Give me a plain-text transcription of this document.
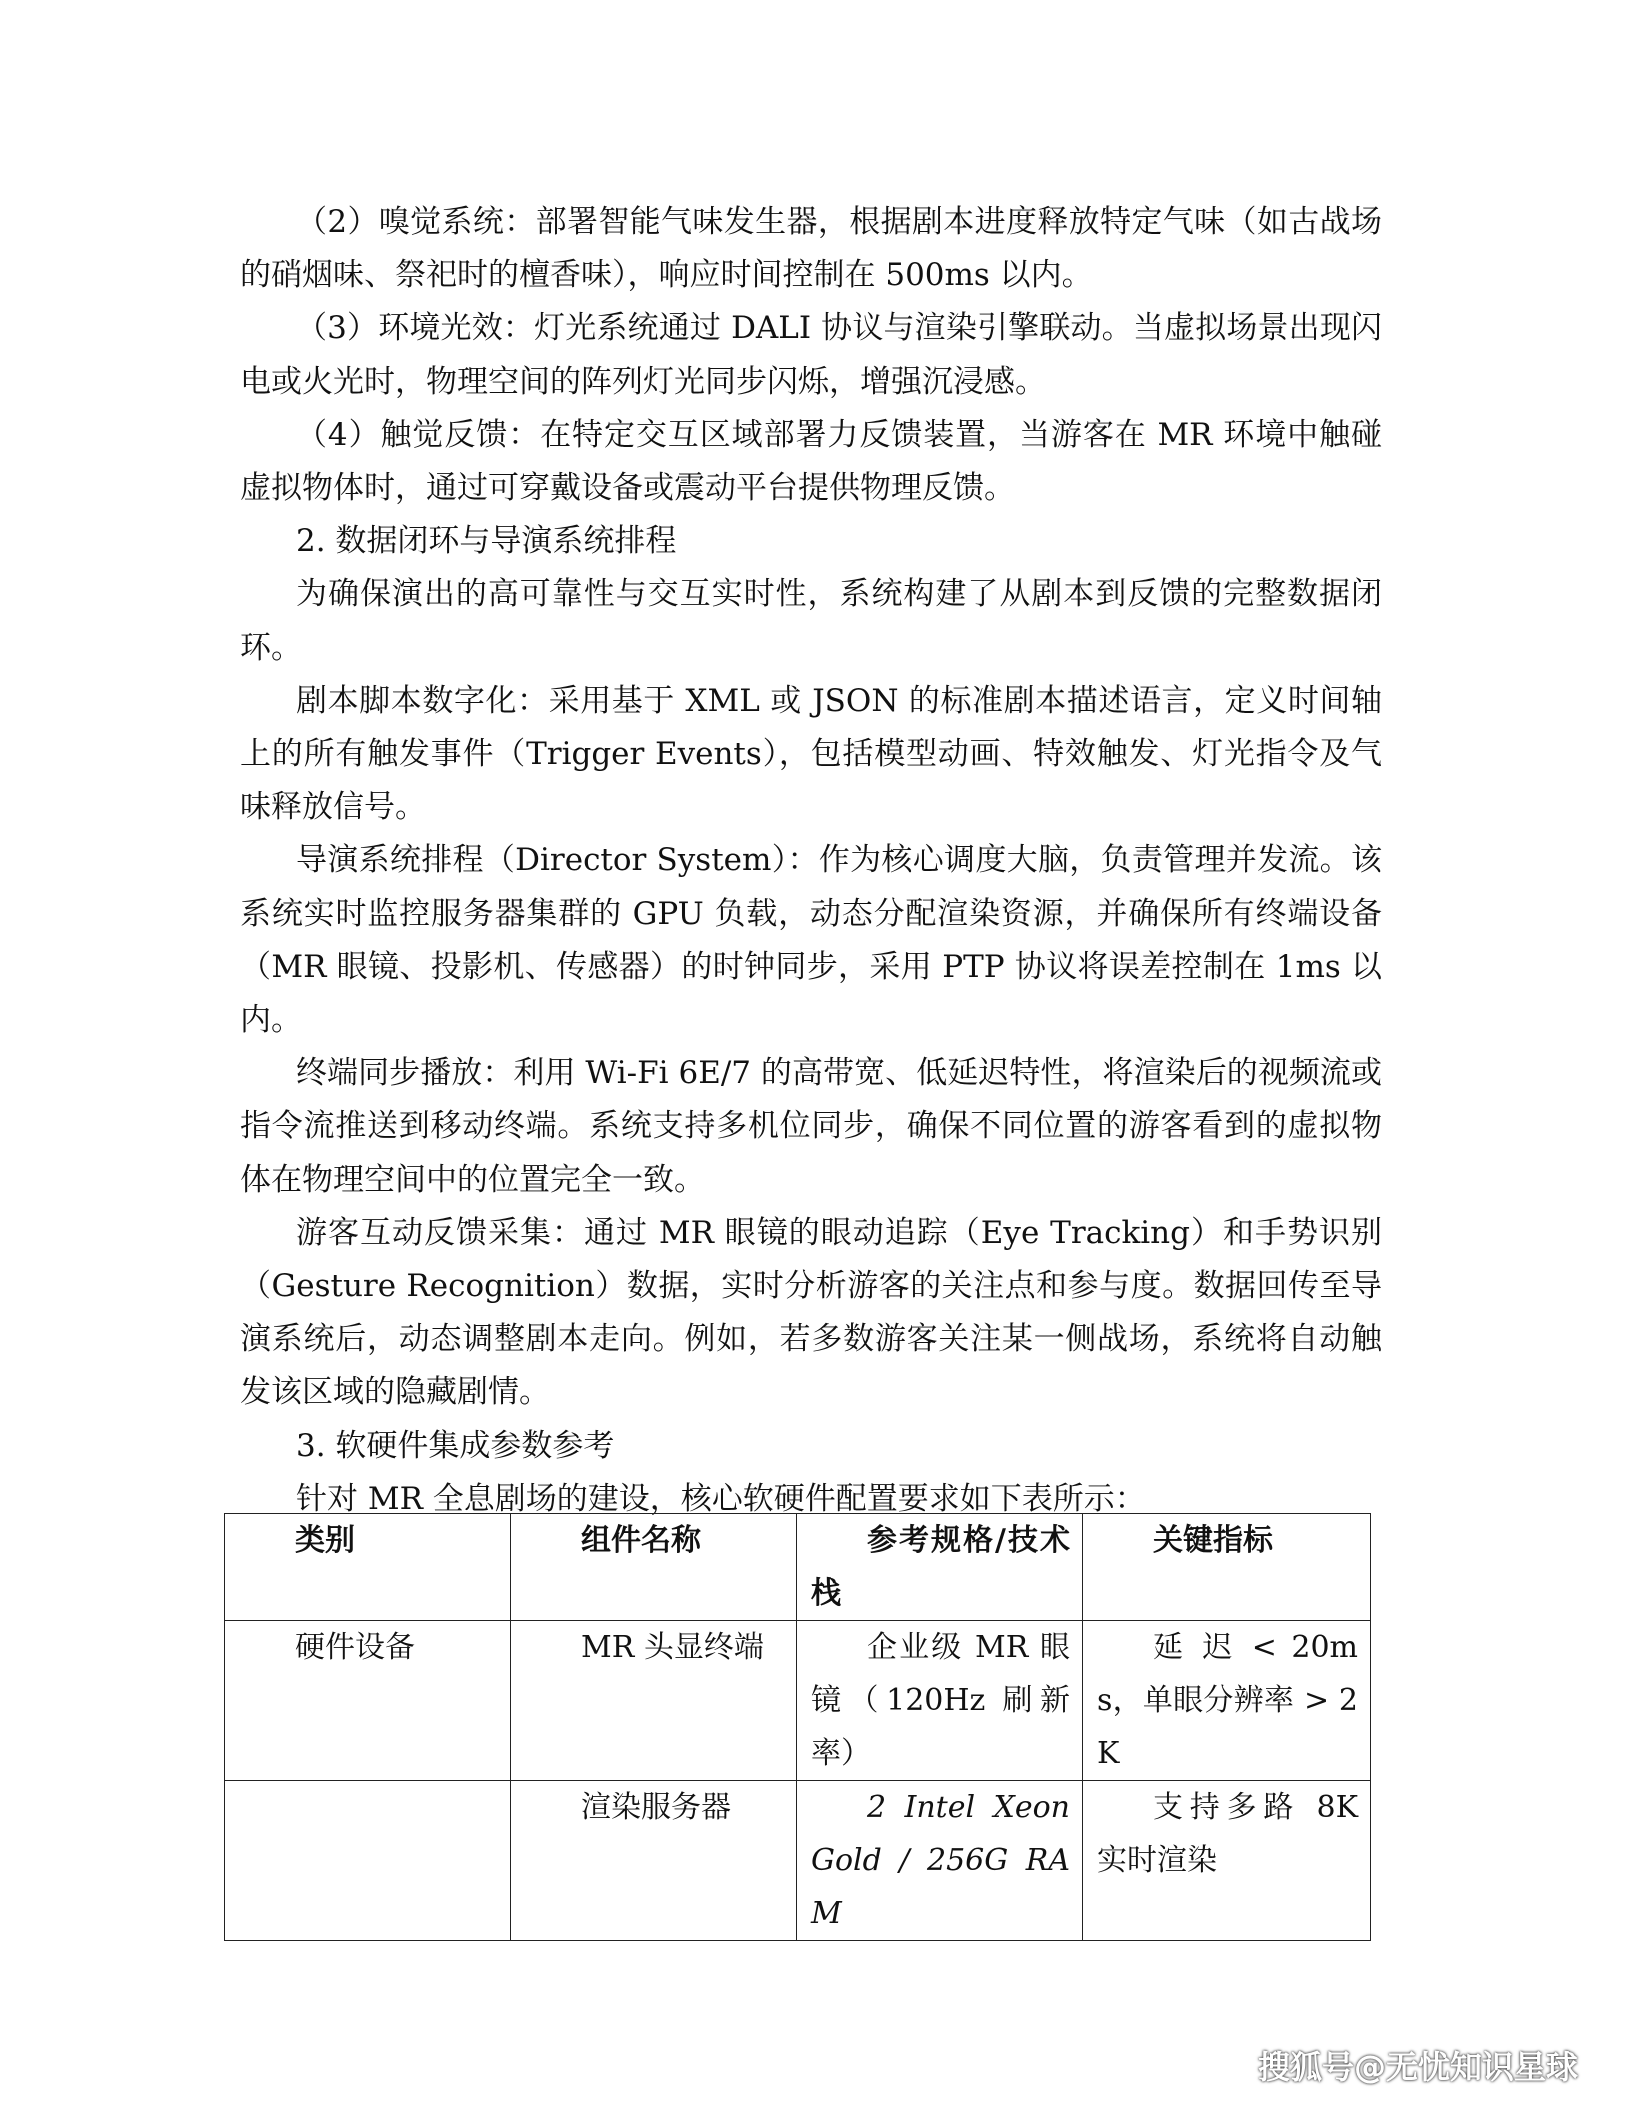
（2）嗅觉系统：部署智能气味发生器，根据剧本进度释放特定气味（如古战场的硝烟味、祭祀时的檀香味），响应时间控制在 500ms 以内。

（3）环境光效：灯光系统通过 DALI 协议与渲染引擎联动。当虚拟场景出现闪电或火光时，物理空间的阵列灯光同步闪烁，增强沉浸感。

（4）触觉反馈：在特定交互区域部署力反馈装置，当游客在 MR 环境中触碰虚拟物体时，通过可穿戴设备或震动平台提供物理反馈。

2. 数据闭环与导演系统排程

为确保演出的高可靠性与交互实时性，系统构建了从剧本到反馈的完整数据闭环。

剧本脚本数字化：采用基于 XML 或 JSON 的标准剧本描述语言，定义时间轴上的所有触发事件（Trigger Events），包括模型动画、特效触发、灯光指令及气味释放信号。

导演系统排程（Director System）：作为核心调度大脑，负责管理并发流。该系统实时监控服务器集群的 GPU 负载，动态分配渲染资源，并确保所有终端设备（MR 眼镜、投影机、传感器）的时钟同步，采用 PTP 协议将误差控制在 1ms 以内。

终端同步播放：利用 Wi-Fi 6E/7 的高带宽、低延迟特性，将渲染后的视频流或指令流推送到移动终端。系统支持多机位同步，确保不同位置的游客看到的虚拟物体在物理空间中的位置完全一致。

游客互动反馈采集：通过 MR 眼镜的眼动追踪（Eye Tracking）和手势识别（Gesture Recognition）数据，实时分析游客的关注点和参与度。数据回传至导演系统后，动态调整剧本走向。例如，若多数游客关注某一侧战场，系统将自动触发该区域的隐藏剧情。

3. 软硬件集成参数参考

针对 MR 全息剧场的建设，核心软硬件配置要求如下表所示：

类别	组件名称	参考规格/技术栈	关键指标
硬件设备	MR 头显终端	企业级 MR 眼镜（120Hz 刷新率）	延 迟 < 20ms，单眼分辨率 > 2K
	渲染服务器	2 Intel Xeon Gold / 256G RAM	支持多路 8K 实时渲染
搜狐号@无忧知识星球
